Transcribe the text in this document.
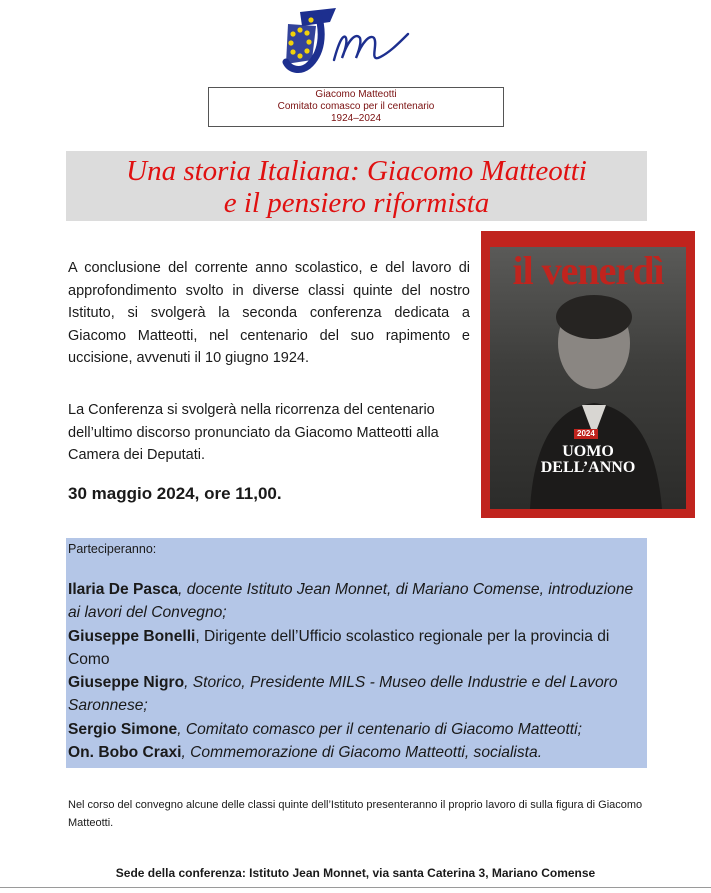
Giacomo Matteotti
Comitato comasco per il centenario
1924–2024
Una storia Italiana: Giacomo Matteotti
e il pensiero riformista
A conclusione del corrente anno scolastico, e del lavoro di approfondimento svolto in diverse classi quinte del nostro Istituto, si svolgerà la seconda conferenza dedicata a Giacomo Matteotti, nel centenario del suo rapimento e uccisione, avvenuti il 10 giugno 1924.
La Conferenza si svolgerà nella ricorrenza del centenario dell’ultimo discorso pronunciato da Giacomo Matteotti alla Camera dei Deputati.
30 maggio 2024, ore 11,00.
il venerdì
2024
UOMO
DELL’ANNO
Parteciperanno:
Ilaria De Pasca, docente Istituto Jean Monnet, di Mariano Comense, introduzione ai lavori del Convegno;
Giuseppe Bonelli, Dirigente dell’Ufficio scolastico regionale per la provincia di Como
Giuseppe Nigro, Storico, Presidente MILS - Museo delle Industrie e del Lavoro Saronnese;
Sergio Simone, Comitato comasco per il centenario di Giacomo Matteotti;
On. Bobo Craxi, Commemorazione di Giacomo Matteotti, socialista.
Nel corso del convegno alcune delle classi quinte dell’Istituto presenteranno il proprio lavoro di sulla figura di Giacomo Matteotti.
Sede della conferenza: Istituto Jean Monnet, via santa Caterina 3, Mariano Comense
